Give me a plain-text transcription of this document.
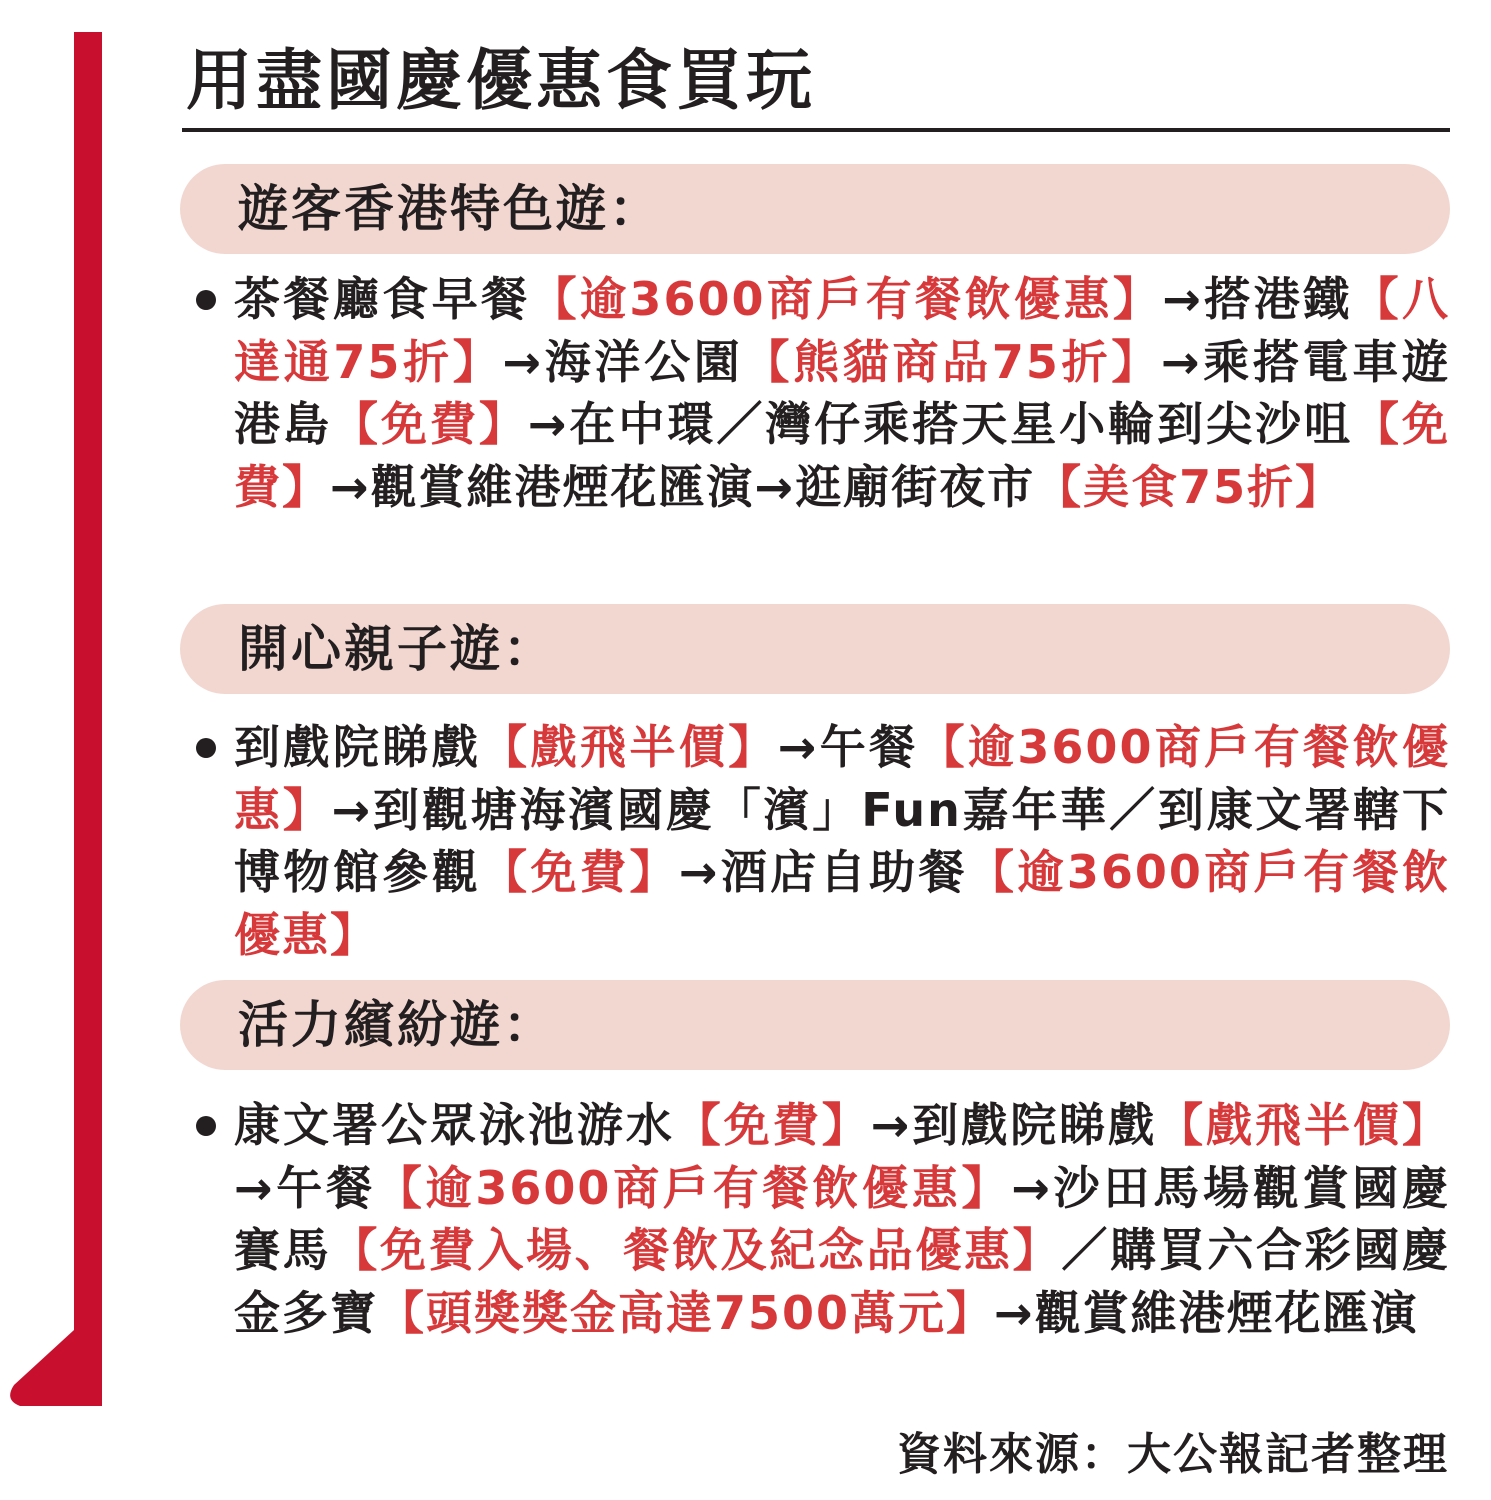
用盡國慶優惠食買玩
遊客香港特色遊：
茶餐廳食早餐【逾3600商戶有餐飲優惠】→搭港鐵【八達通75折】→海洋公園【熊貓商品75折】→乘搭電車遊港島【免費】→在中環／灣仔乘搭天星小輪到尖沙咀【免費】→觀賞維港煙花匯演→逛廟街夜市【美食75折】
開心親子遊：
到戲院睇戲【戲飛半價】→午餐【逾3600商戶有餐飲優惠】→到觀塘海濱國慶「濱」Fun嘉年華／到康文署轄下博物館參觀【免費】→酒店自助餐【逾3600商戶有餐飲優惠】
活力繽紛遊：
康文署公眾泳池游水【免費】→到戲院睇戲【戲飛半價】→午餐【逾3600商戶有餐飲優惠】→沙田馬場觀賞國慶賽馬【免費入場、餐飲及紀念品優惠】／購買六合彩國慶金多寶【頭獎獎金高達7500萬元】→觀賞維港煙花匯演
資料來源：大公報記者整理
